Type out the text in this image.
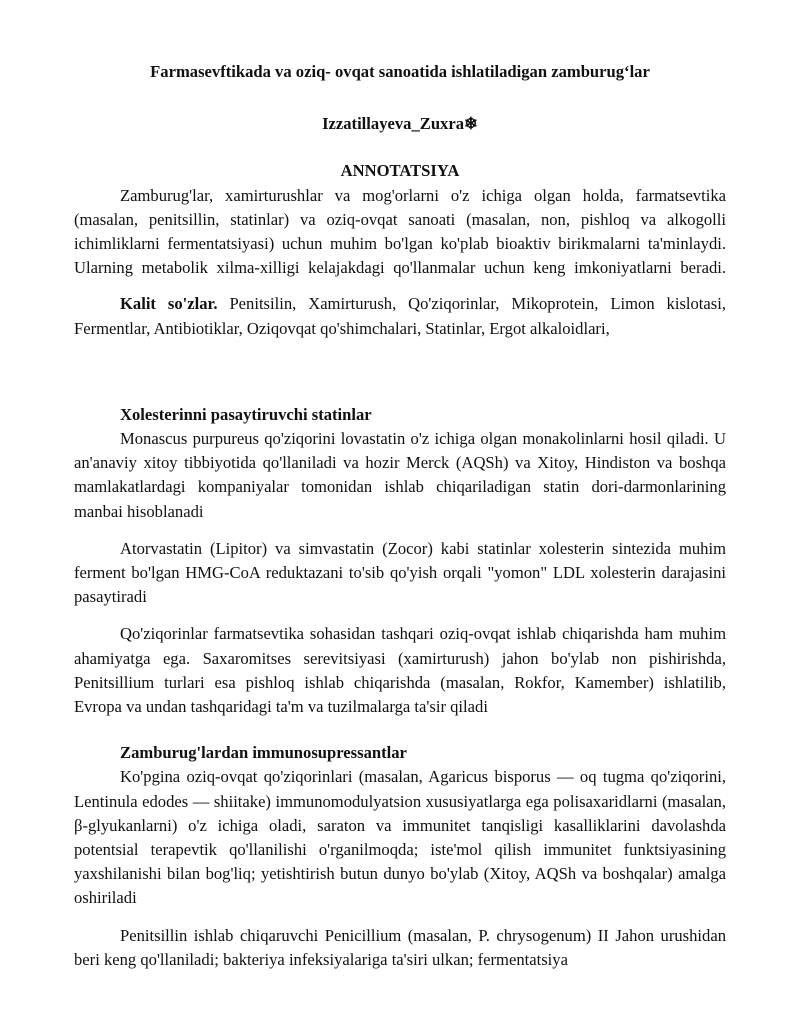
Farmasevftikada va oziq- ovqat sanoatida ishlatiladigan zamburug‘lar

Izzatillayeva_Zuxra❄

ANNOTATSIYA

Zamburug'lar, xamirturushlar va mog'orlarni o'z ichiga olgan holda, farmatsevtika (masalan, penitsillin, statinlar) va oziq-ovqat sanoati (masalan, non, pishloq va alkogolli ichimliklarni fermentatsiyasi) uchun muhim bo'lgan ko'plab bioaktiv birikmalarni ta'minlaydi. Ularning metabolik xilma-xilligi kelajakdagi qo'llanmalar uchun keng imkoniyatlarni beradi.

Kalit so'zlar. Penitsilin, Xamirturush, Qo'ziqorinlar, Mikoprotein, Limon kislotasi, Fermentlar, Antibiotiklar, Oziqovqat qo'shimchalari, Statinlar, Ergot alkaloidlari,

Xolesterinni pasaytiruvchi statinlar

Monascus purpureus qo'ziqorini lovastatin o'z ichiga olgan monakolinlarni hosil qiladi. U an'anaviy xitoy tibbiyotida qo'llaniladi va hozir Merck (AQSh) va Xitoy, Hindiston va boshqa mamlakatlardagi kompaniyalar tomonidan ishlab chiqariladigan statin dori-darmonlarining manbai hisoblanadi

Atorvastatin (Lipitor) va simvastatin (Zocor) kabi statinlar xolesterin sintezida muhim ferment bo'lgan HMG-CoA reduktazani to'sib qo'yish orqali "yomon" LDL xolesterin darajasini pasaytiradi

Qo'ziqorinlar farmatsevtika sohasidan tashqari oziq-ovqat ishlab chiqarishda ham muhim ahamiyatga ega. Saxaromitses serevitsiyasi (xamirturush) jahon bo'ylab non pishirishda, Penitsillium turlari esa pishloq ishlab chiqarishda (masalan, Rokfor, Kamember) ishlatilib, Evropa va undan tashqaridagi ta'm va tuzilmalarga ta'sir qiladi

Zamburug'lardan immunosupressantlar

Ko'pgina oziq-ovqat qo'ziqorinlari (masalan, Agaricus bisporus — oq tugma qo'ziqorini, Lentinula edodes — shiitake) immunomodulyatsion xususiyatlarga ega polisaxaridlarni (masalan, β-glyukanlarni) o'z ichiga oladi, saraton va immunitet tanqisligi kasalliklarini davolashda potentsial terapevtik qo'llanilishi o'rganilmoqda; iste'mol qilish immunitet funktsiyasining yaxshilanishi bilan bog'liq; yetishtirish butun dunyo bo'ylab (Xitoy, AQSh va boshqalar) amalga oshiriladi

Penitsillin ishlab chiqaruvchi Penicillium (masalan, P. chrysogenum) II Jahon urushidan beri keng qo'llaniladi; bakteriya infeksiyalariga ta'siri ulkan; fermentatsiya
